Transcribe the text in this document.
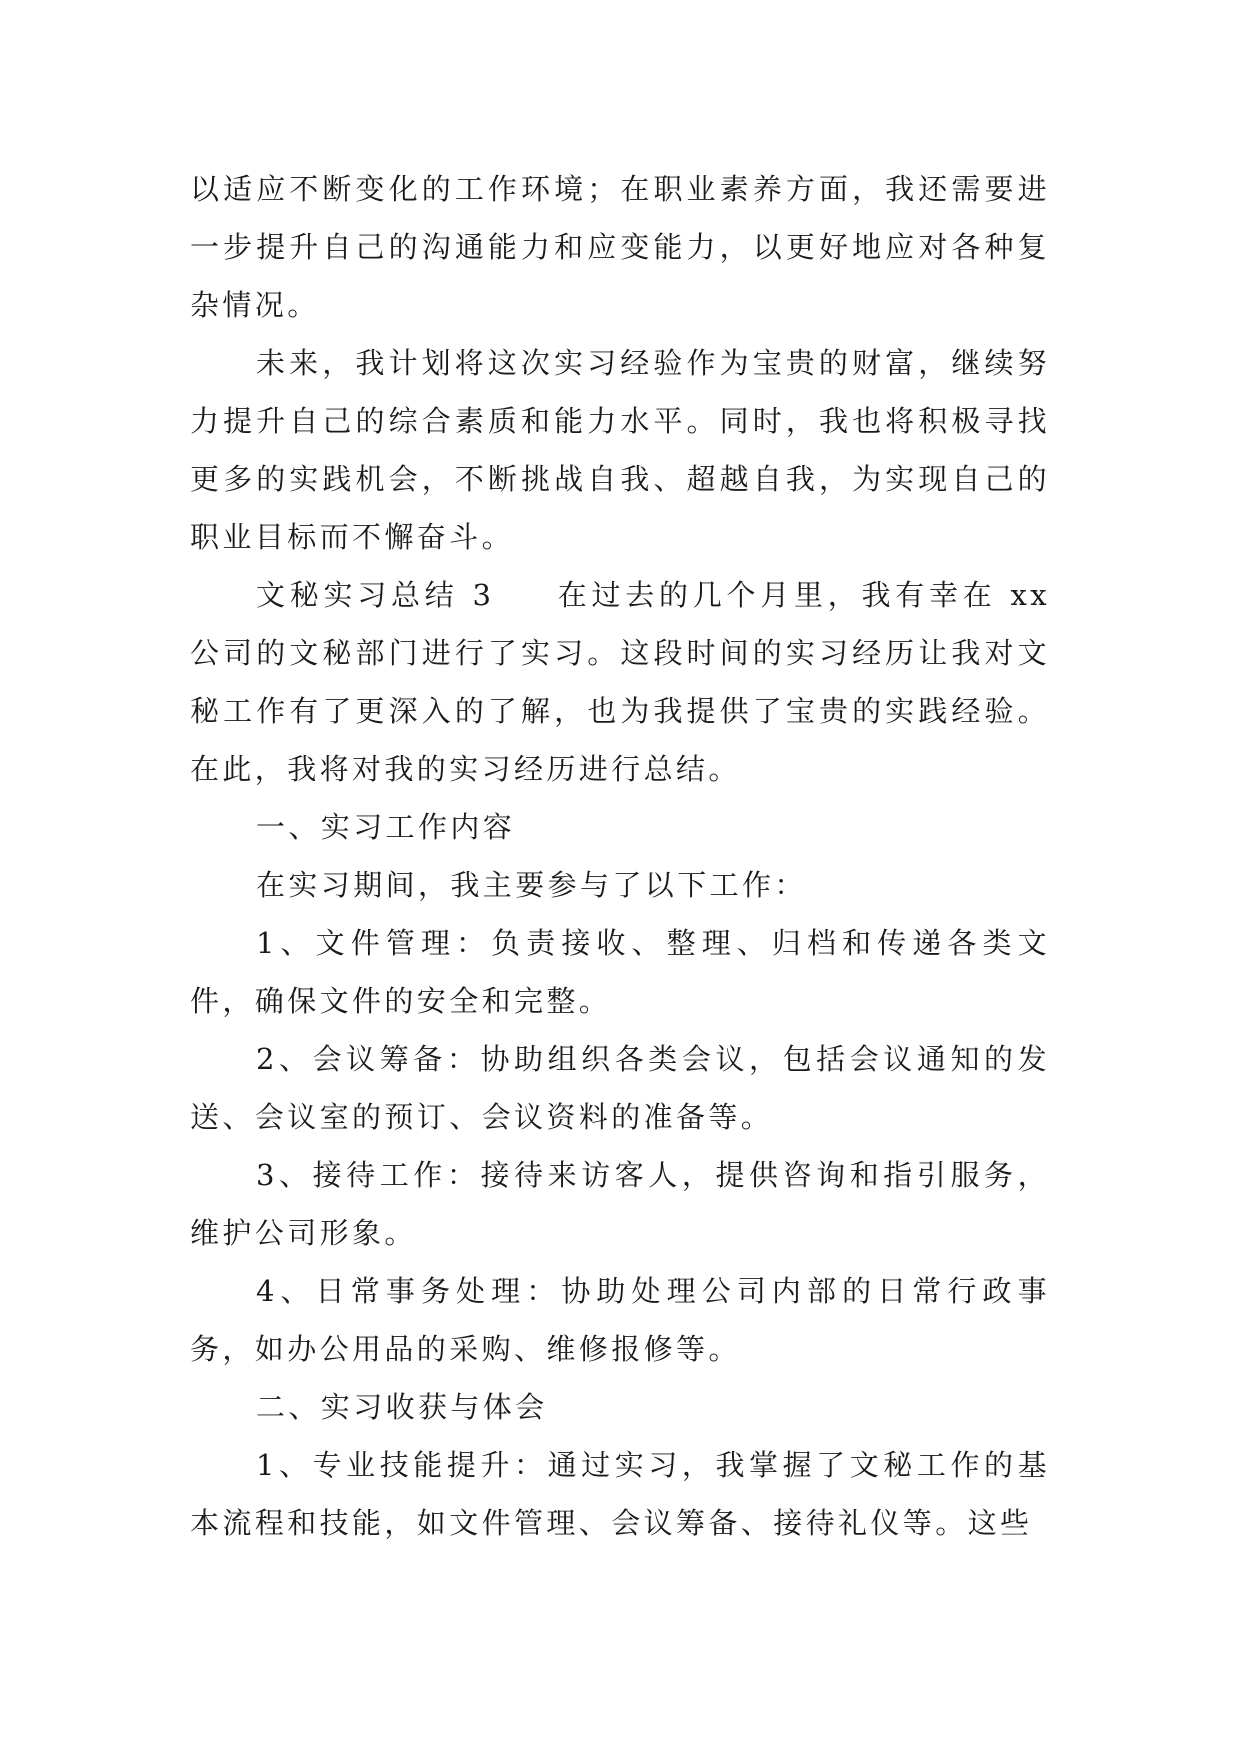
以适应不断变化的工作环境；在职业素养方面，我还需要进一步提升自己的沟通能力和应变能力，以更好地应对各种复杂情况。

未来，我计划将这次实习经验作为宝贵的财富，继续努力提升自己的综合素质和能力水平。同时，我也将积极寻找更多的实践机会，不断挑战自我、超越自我，为实现自己的职业目标而不懈奋斗。

文秘实习总结 3 在过去的几个月里，我有幸在 xx 公司的文秘部门进行了实习。这段时间的实习经历让我对文秘工作有了更深入的了解，也为我提供了宝贵的实践经验。在此，我将对我的实习经历进行总结。

一、实习工作内容

在实习期间，我主要参与了以下工作：

1、文件管理：负责接收、整理、归档和传递各类文件，确保文件的安全和完整。

2、会议筹备：协助组织各类会议，包括会议通知的发送、会议室的预订、会议资料的准备等。

3、接待工作：接待来访客人，提供咨询和指引服务，维护公司形象。

4、日常事务处理：协助处理公司内部的日常行政事务，如办公用品的采购、维修报修等。

二、实习收获与体会

1、专业技能提升：通过实习，我掌握了文秘工作的基本流程和技能，如文件管理、会议筹备、接待礼仪等。这些
